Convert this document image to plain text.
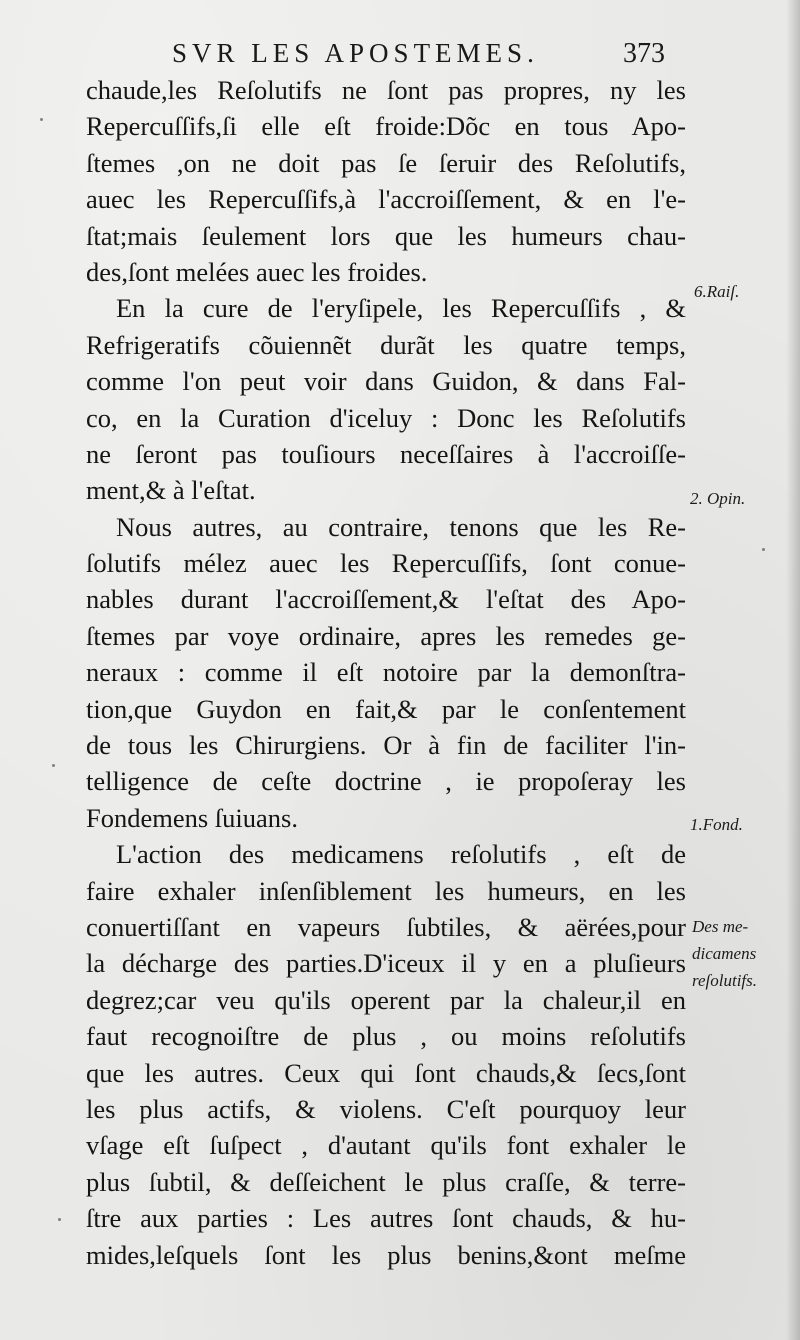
SVR LES APOSTEMES.	373
chaude,les Reſolutifs ne ſont pas propres, ny les
Repercuſſifs,ſi elle eſt froide:Dõc en tous Apo-
ſtemes ,on ne doit pas ſe ſeruir des Reſolutifs,
auec les Repercuſſifs,à l'accroiſſement, & en l'e-
ſtat;mais ſeulement lors que les humeurs chau-
des,ſont melées auec les froides.
En la cure de l'eryſipele, les Repercuſſifs , &
Refrigeratifs cõuiennẽt durãt les quatre temps,
comme l'on peut voir dans Guidon, & dans Fal-
co, en la Curation d'iceluy : Donc les Reſolutifs
ne ſeront pas touſiours neceſſaires à l'accroiſſe-
ment,& à l'eſtat.
Nous autres, au contraire, tenons que les Re-
ſolutifs mélez auec les Repercuſſifs, ſont conue-
nables durant l'accroiſſement,& l'eſtat des Apo-
ſtemes par voye ordinaire, apres les remedes ge-
neraux : comme il eſt notoire par la demonſtra-
tion,que Guydon en fait,& par le conſentement
de tous les Chirurgiens. Or à fin de faciliter l'in-
telligence de ceſte doctrine , ie propoſeray les
Fondemens ſuiuans.
L'action des medicamens reſolutifs , eſt de
faire exhaler inſenſiblement les humeurs, en les
conuertiſſant en vapeurs ſubtiles, & aërées,pour
la décharge des parties.D'iceux il y en a pluſieurs
degrez;car veu qu'ils operent par la chaleur,il en
faut recognoiſtre de plus , ou moins reſolutifs
que les autres. Ceux qui ſont chauds,& ſecs,ſont
les plus actifs, & violens. C'eſt pourquoy leur
vſage eſt ſuſpect , d'autant qu'ils font exhaler le
plus ſubtil, & deſſeichent le plus craſſe, & terre-
ſtre aux parties : Les autres ſont chauds, & hu-
mides,leſquels ſont les plus benins,&ont meſme
6.Raiſ.
2. Opin.
1.Fond.
Des me-
dicamens
reſolutifs.
